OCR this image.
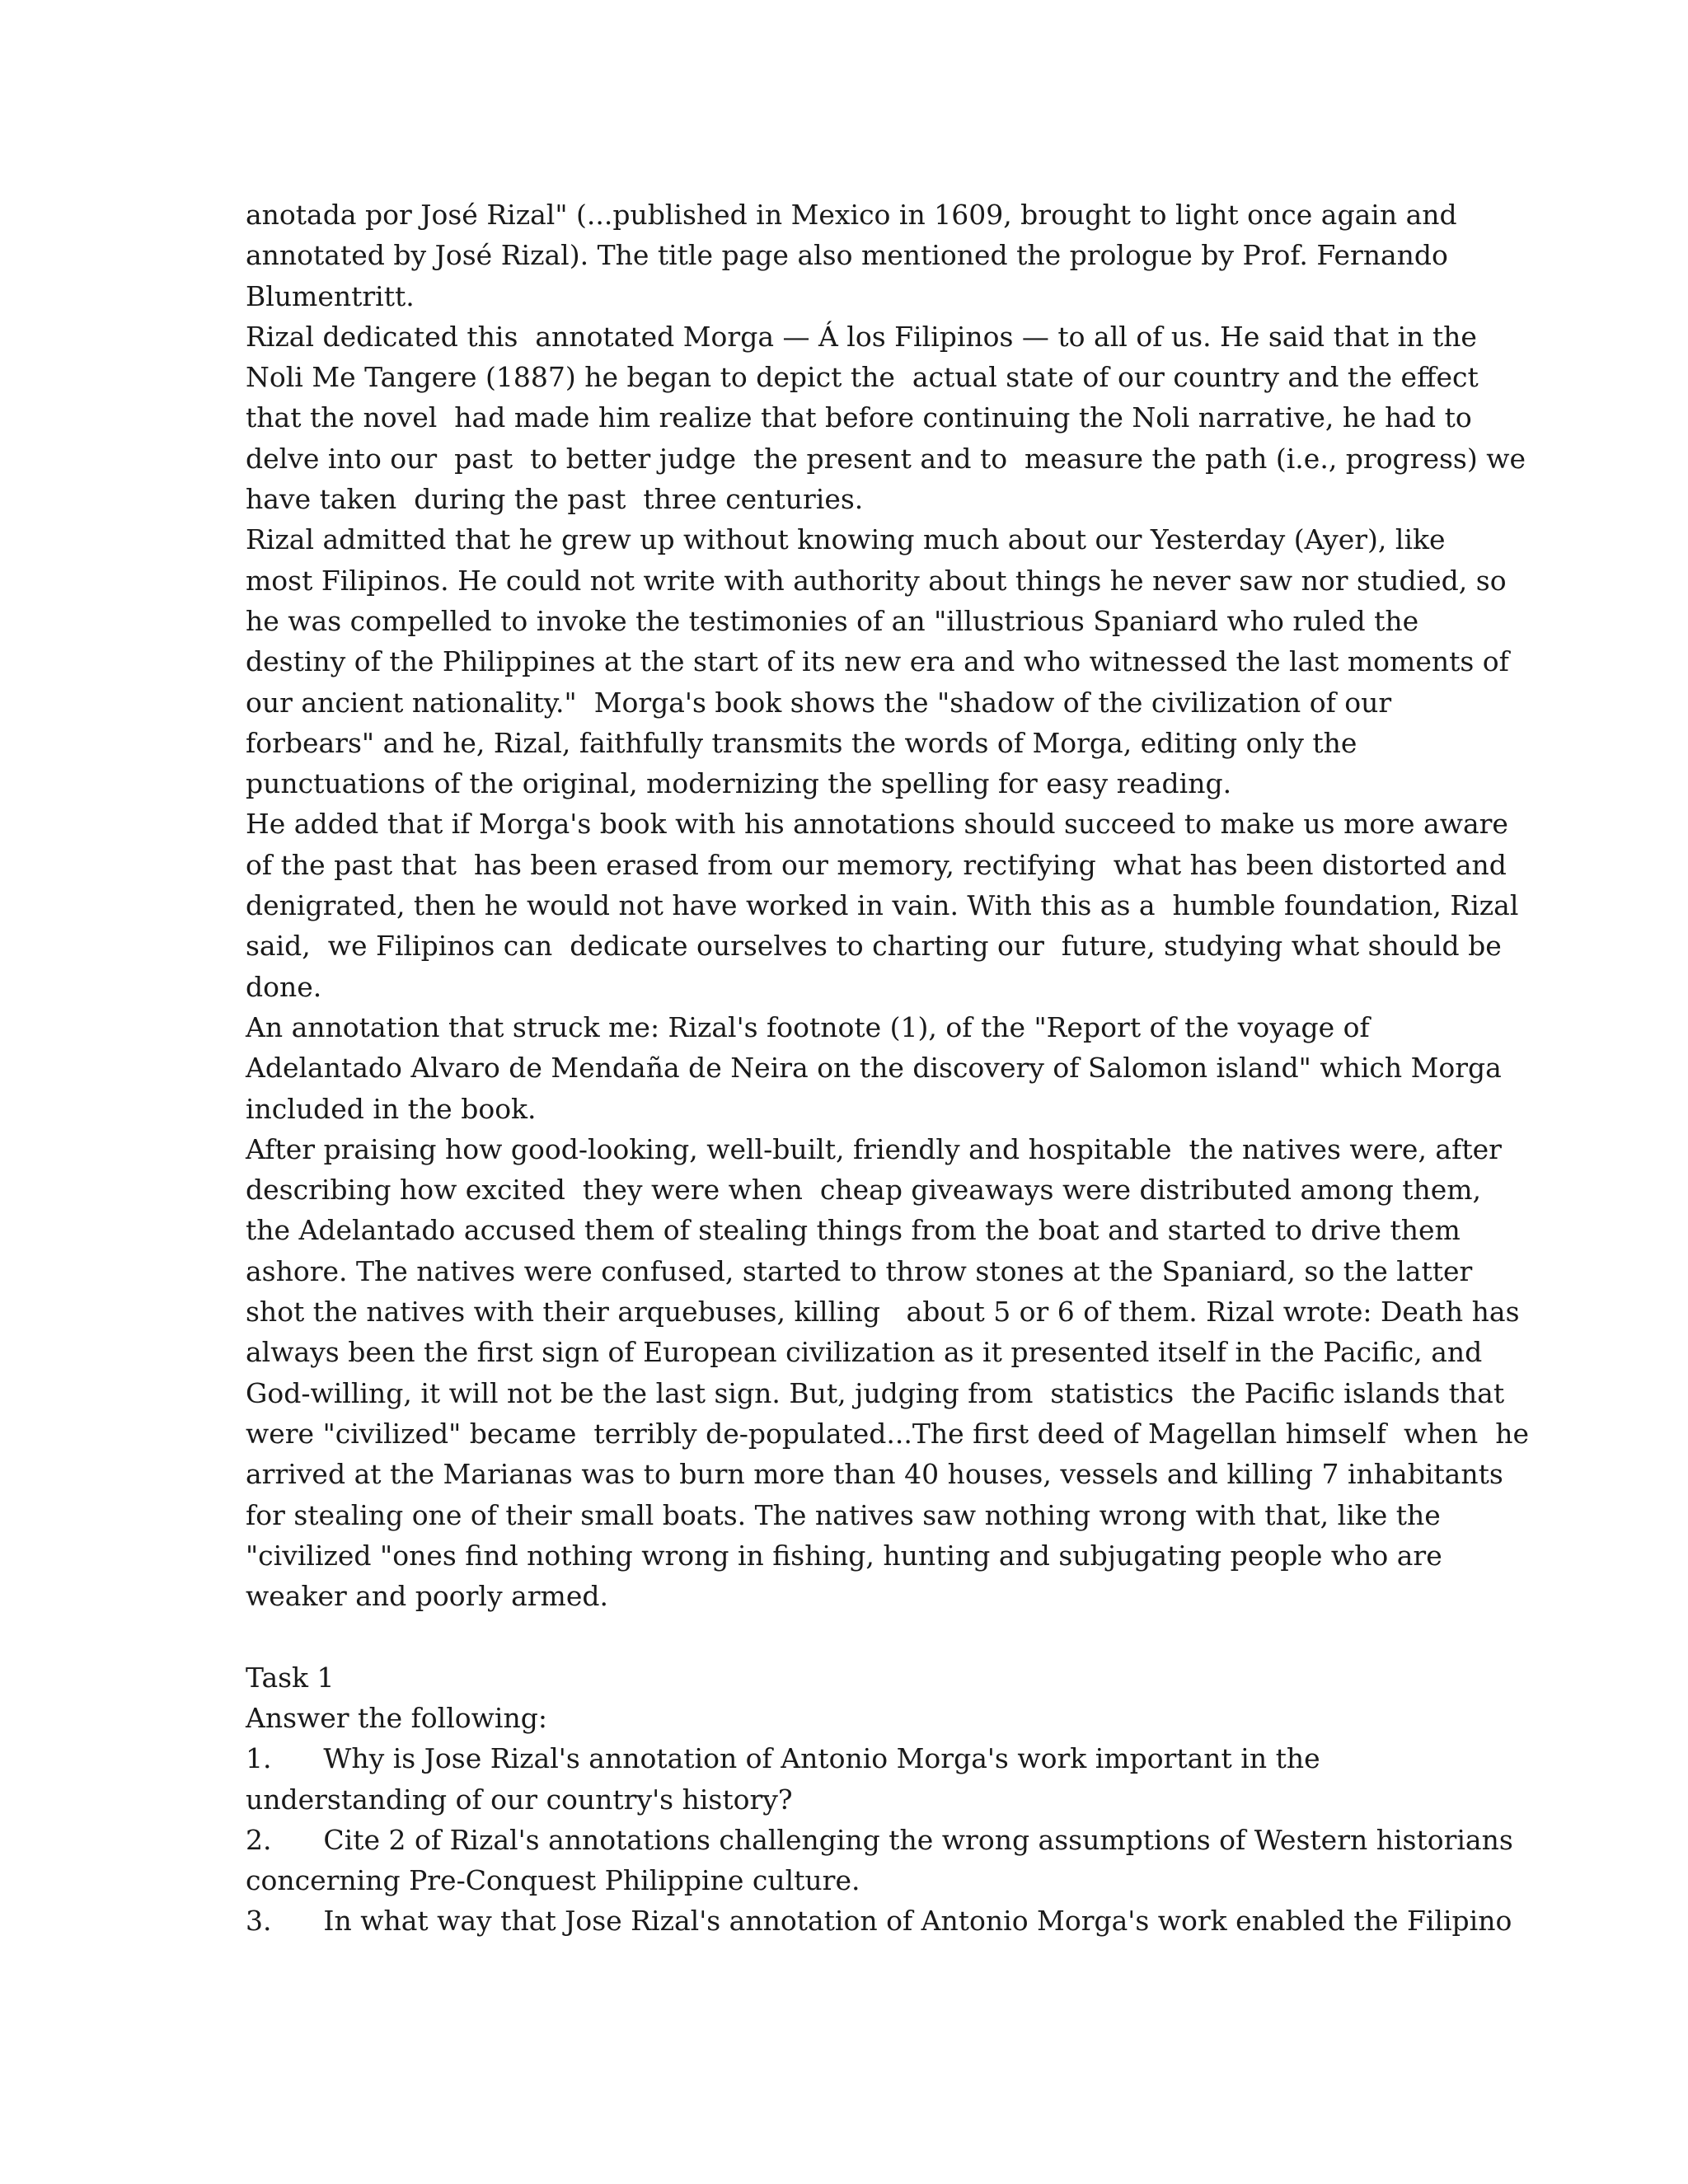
anotada por José Rizal" (...published in Mexico in 1609, brought to light once again and
annotated by José Rizal). The title page also mentioned the prologue by Prof. Fernando
Blumentritt.
Rizal dedicated this  annotated Morga — Á los Filipinos — to all of us. He said that in the
Noli Me Tangere (1887) he began to depict the  actual state of our country and the effect
that the novel  had made him realize that before continuing the Noli narrative, he had to
delve into our  past  to better judge  the present and to  measure the path (i.e., progress) we
have taken  during the past  three centuries.
Rizal admitted that he grew up without knowing much about our Yesterday (Ayer), like
most Filipinos. He could not write with authority about things he never saw nor studied, so
he was compelled to invoke the testimonies of an "illustrious Spaniard who ruled the
destiny of the Philippines at the start of its new era and who witnessed the last moments of
our ancient nationality."  Morga's book shows the "shadow of the civilization of our
forbears" and he, Rizal, faithfully transmits the words of Morga, editing only the
punctuations of the original, modernizing the spelling for easy reading.
He added that if Morga's book with his annotations should succeed to make us more aware
of the past that  has been erased from our memory, rectifying  what has been distorted and
denigrated, then he would not have worked in vain. With this as a  humble foundation, Rizal
said,  we Filipinos can  dedicate ourselves to charting our  future, studying what should be
done.
An annotation that struck me: Rizal's footnote (1), of the "Report of the voyage of
Adelantado Alvaro de Mendaña de Neira on the discovery of Salomon island" which Morga
included in the book.
After praising how good-looking, well-built, friendly and hospitable  the natives were, after
describing how excited  they were when  cheap giveaways were distributed among them,
the Adelantado accused them of stealing things from the boat and started to drive them
ashore. The natives were confused, started to throw stones at the Spaniard, so the latter
shot the natives with their arquebuses, killing   about 5 or 6 of them. Rizal wrote: Death has
always been the first sign of European civilization as it presented itself in the Pacific, and
God-willing, it will not be the last sign. But, judging from  statistics  the Pacific islands that
were "civilized" became  terribly de-populated...The first deed of Magellan himself  when  he
arrived at the Marianas was to burn more than 40 houses, vessels and killing 7 inhabitants
for stealing one of their small boats. The natives saw nothing wrong with that, like the
"civilized "ones find nothing wrong in fishing, hunting and subjugating people who are
weaker and poorly armed.
Task 1
Answer the following:
1.      Why is Jose Rizal's annotation of Antonio Morga's work important in the
understanding of our country's history?
2.      Cite 2 of Rizal's annotations challenging the wrong assumptions of Western historians
concerning Pre-Conquest Philippine culture.
3.      In what way that Jose Rizal's annotation of Antonio Morga's work enabled the Filipino
